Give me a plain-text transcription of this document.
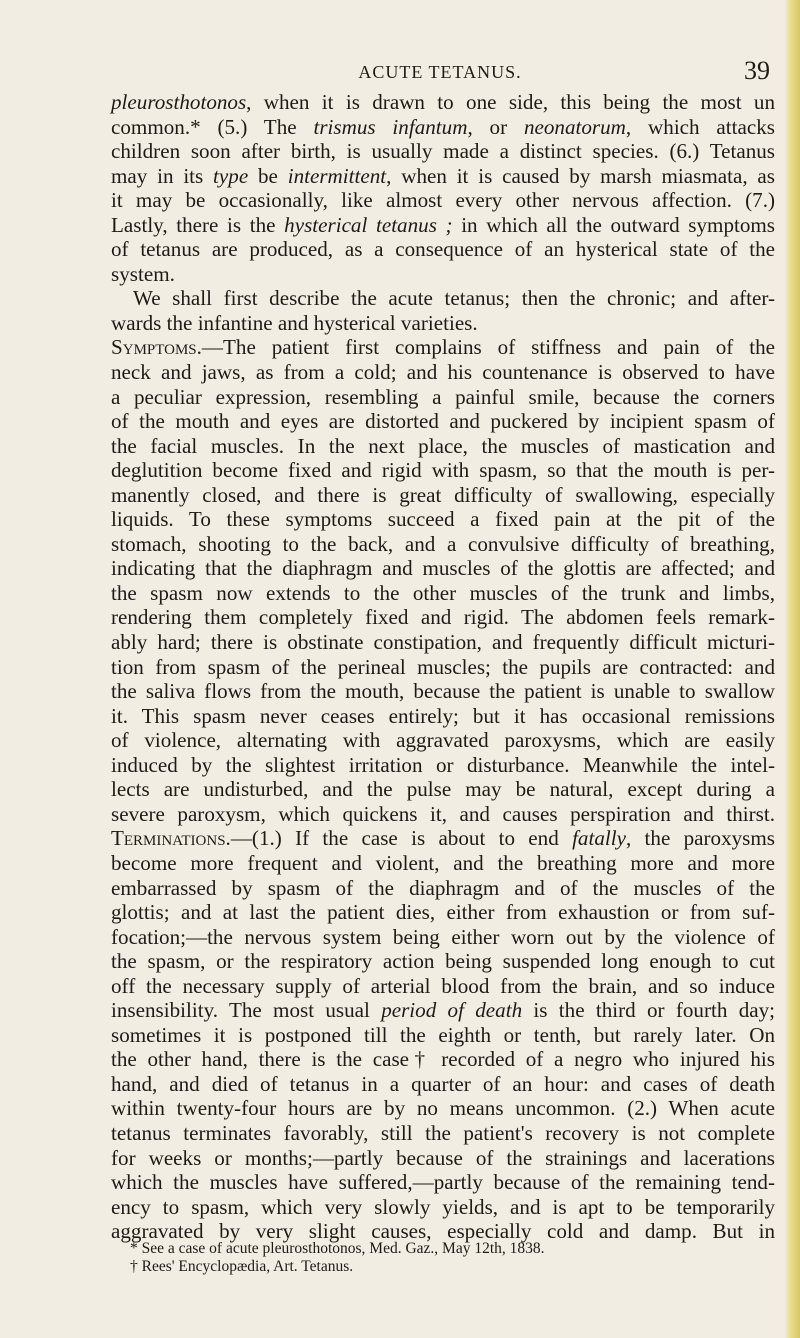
ACUTE TETANUS.	39

pleurosthotonos, when it is drawn to one side, this being the most un

common.* (5.) The trismus infantum, or neonatorum, which attacks

children soon after birth, is usually made a distinct species. (6.) Tetanus

may in its type be intermittent, when it is caused by marsh miasmata, as

it may be occasionally, like almost every other nervous affection. (7.)

Lastly, there is the hysterical tetanus ; in which all the outward symptoms

of tetanus are produced, as a consequence of an hysterical state of the

system.

We shall first describe the acute tetanus; then the chronic; and after-

wards the infantine and hysterical varieties.

Symptoms.—The patient first complains of stiffness and pain of the

neck and jaws, as from a cold; and his countenance is observed to have

a peculiar expression, resembling a painful smile, because the corners

of the mouth and eyes are distorted and puckered by incipient spasm of

the facial muscles. In the next place, the muscles of mastication and

deglutition become fixed and rigid with spasm, so that the mouth is per-

manently closed, and there is great difficulty of swallowing, especially

liquids. To these symptoms succeed a fixed pain at the pit of the

stomach, shooting to the back, and a convulsive difficulty of breathing,

indicating that the diaphragm and muscles of the glottis are affected; and

the spasm now extends to the other muscles of the trunk and limbs,

rendering them completely fixed and rigid. The abdomen feels remark-

ably hard; there is obstinate constipation, and frequently difficult micturi-

tion from spasm of the perineal muscles; the pupils are contracted: and

the saliva flows from the mouth, because the patient is unable to swallow

it. This spasm never ceases entirely; but it has occasional remissions

of violence, alternating with aggravated paroxysms, which are easily

induced by the slightest irritation or disturbance. Meanwhile the intel-

lects are undisturbed, and the pulse may be natural, except during a

severe paroxysm, which quickens it, and causes perspiration and thirst.

Terminations.—(1.) If the case is about to end fatally, the paroxysms

become more frequent and violent, and the breathing more and more

embarrassed by spasm of the diaphragm and of the muscles of the

glottis; and at last the patient dies, either from exhaustion or from suf-

focation;—the nervous system being either worn out by the violence of

the spasm, or the respiratory action being suspended long enough to cut

off the necessary supply of arterial blood from the brain, and so induce

insensibility. The most usual period of death is the third or fourth day;

sometimes it is postponed till the eighth or tenth, but rarely later. On

the other hand, there is the case† recorded of a negro who injured his

hand, and died of tetanus in a quarter of an hour: and cases of death

within twenty-four hours are by no means uncommon. (2.) When acute

tetanus terminates favorably, still the patient's recovery is not complete

for weeks or months;—partly because of the strainings and lacerations

which the muscles have suffered,—partly because of the remaining tend-

ency to spasm, which very slowly yields, and is apt to be temporarily

aggravated by very slight causes, especially cold and damp. But in

* See a case of acute pleurosthotonos, Med. Gaz., May 12th, 1838.

† Rees' Encyclopædia, Art. Tetanus.
